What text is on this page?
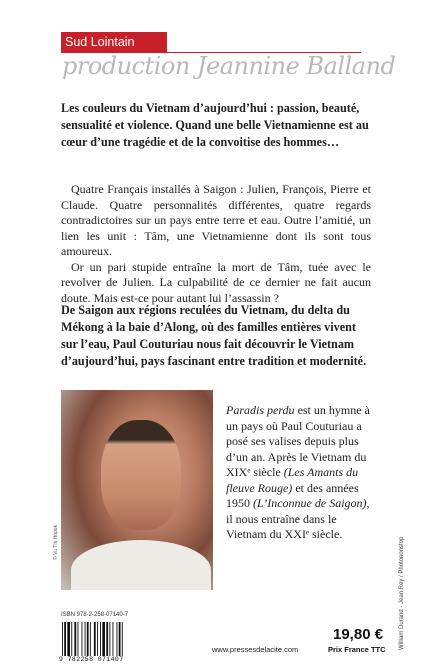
Sud Lointain
production Jeannine Balland
Les couleurs du Vietnam d’aujourd’hui : passion, beauté, sensualité et violence. Quand une belle Vietnamienne est au cœur d’une tragédie et de la convoitise des hommes…

Quatre Français installés à Saigon : Julien, François, Pierre et Claude. Quatre personnalités différentes, quatre regards contradictoires sur un pays entre terre et eau. Outre l’amitié, un lien les unit : Tâm, une Vietnamienne dont ils sont tous amoureux.

Or un pari stupide entraîne la mort de Tâm, tuée avec le revolver de Julien. La culpabilité de ce dernier ne fait aucun doute. Mais est-ce pour autant lui l’assassin ?

De Saigon aux régions reculées du Vietnam, du delta du Mékong à la baie d’Along, où des familles entières vivent sur l’eau, Paul Couturiau nous fait découvrir le Vietnam d’aujourd’hui, pays fascinant entre tradition et modernité.
© Vu Thi Hopok
Paradis perdu est un hymne à un pays où Paul Couturiau a posé ses valises depuis plus d’un an. Après le Vietnam du XIXᵉ siècle (Les Amants du fleuve Rouge) et des années 1950 (L’Inconnue de Saigon), il nous entraîne dans le Vietnam du XXIᵉ siècle.
ISBN 978-2-258-07140-7
9 782258 071407
www.pressesdelacite.com
19,80 €
Prix France TTC William Durand - Jean Rey / Photononstop
